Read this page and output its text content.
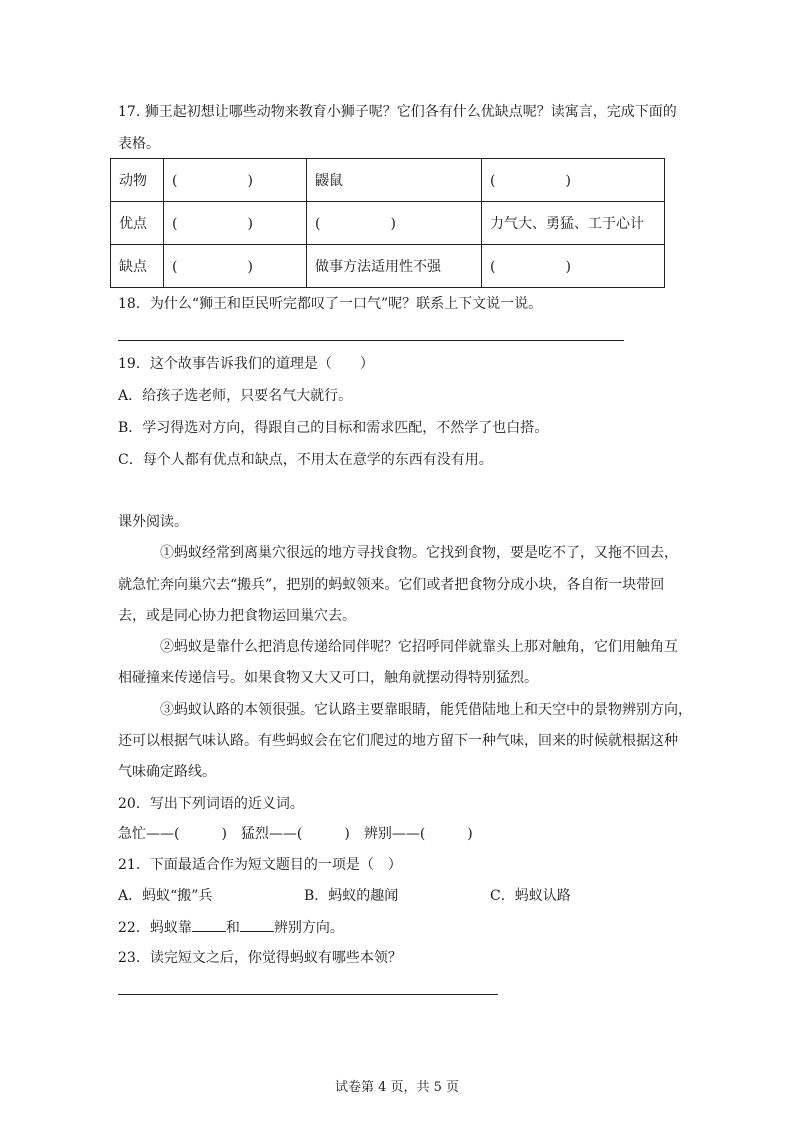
17. 狮王起初想让哪些动物来教育小狮子呢？它们各有什么优缺点呢？读寓言，完成下面的
表格。
动物	(　　　　　)	鼹鼠	(　　　　　)
优点	(　　　　　)	(　　　　　)	力气大、勇猛、工于心计
缺点	(　　　　　)	做事方法适用性不强	(　　　　　)
18．为什么“狮王和臣民听完都叹了一口气”呢？联系上下文说一说。
19．这个故事告诉我们的道理是（　　）
A．给孩子选老师，只要名气大就行。
B．学习得选对方向，得跟自己的目标和需求匹配，不然学了也白搭。
C．每个人都有优点和缺点，不用太在意学的东西有没有用。
课外阅读。
①蚂蚁经常到离巢穴很远的地方寻找食物。它找到食物，要是吃不了，又拖不回去，
就急忙奔向巢穴去“搬兵”，把别的蚂蚁领来。它们或者把食物分成小块，各自衔一块带回
去，或是同心协力把食物运回巢穴去。
②蚂蚁是靠什么把消息传递给同伴呢？它招呼同伴就靠头上那对触角，它们用触角互
相碰撞来传递信号。如果食物又大又可口，触角就摆动得特别猛烈。
③蚂蚁认路的本领很强。它认路主要靠眼睛，能凭借陆地上和天空中的景物辨别方向，
还可以根据气味认路。有些蚂蚁会在它们爬过的地方留下一种气味，回来的时候就根据这种
气味确定路线。
20．写出下列词语的近义词。
急忙——(　　　)　猛烈——(　　　)　辨别——(　　　)
21．下面最适合作为短文题目的一项是（　）
A．蚂蚁“搬”兵	B．蚂蚁的趣闻	C．蚂蚁认路
22．蚂蚁靠 和 辨别方向。
23．读完短文之后，你觉得蚂蚁有哪些本领？
试卷第 4 页，共 5 页
